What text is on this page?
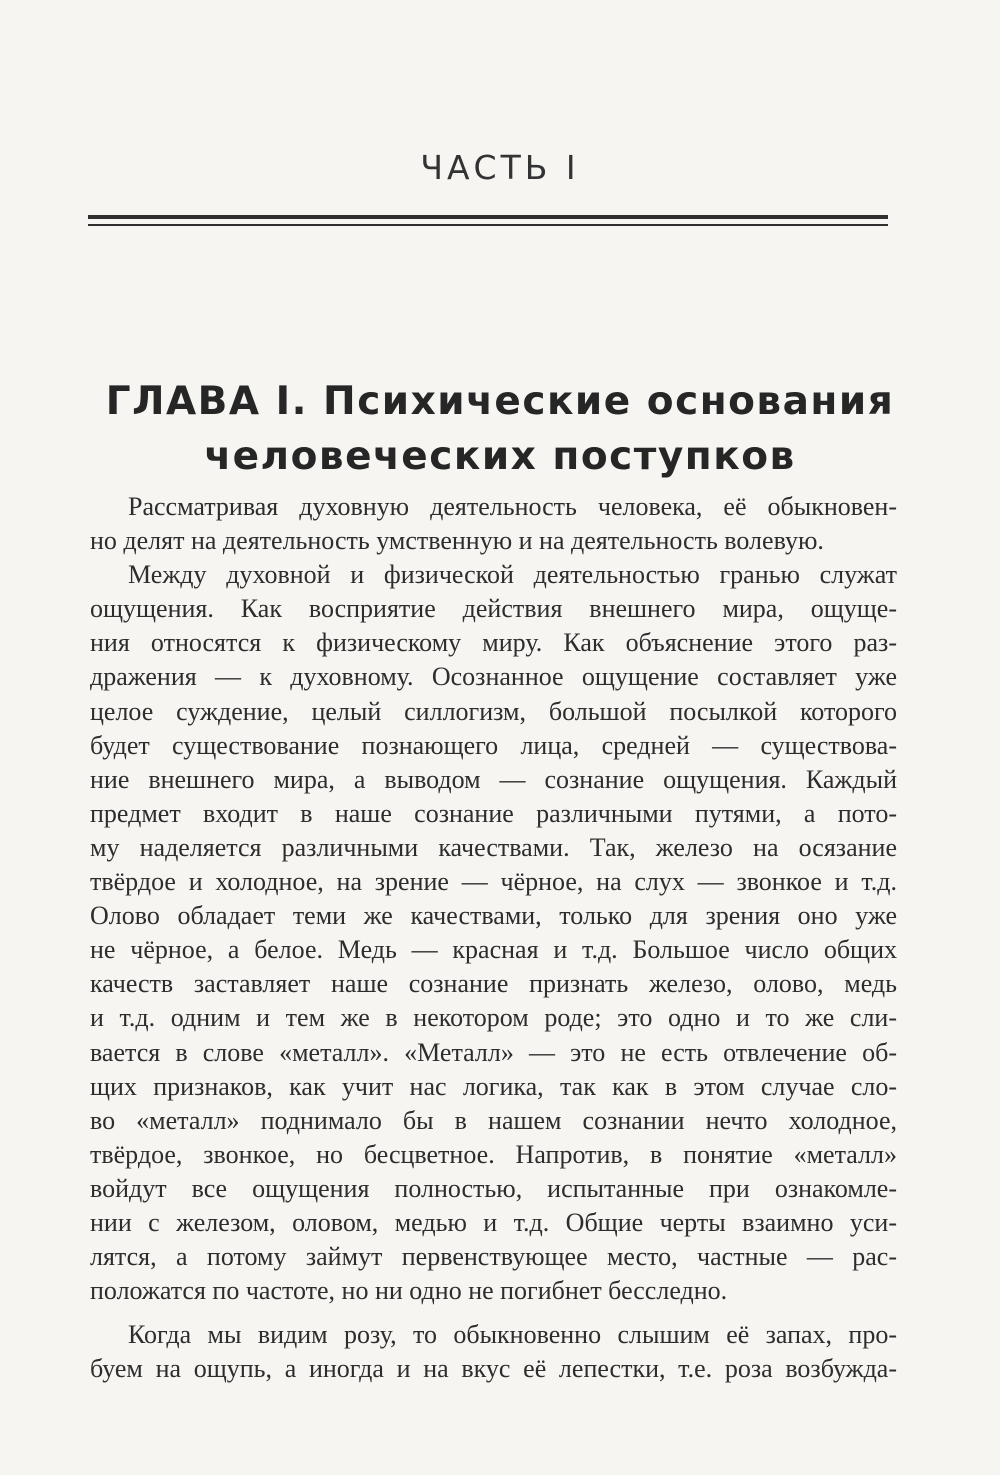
ЧАСТЬ I
ГЛАВА I. Психические основания
человеческих поступков
Рассматривая духовную деятельность человека, её обыкновен-
но делят на деятельность умственную и на деятельность волевую.
Между духовной и физической деятельностью гранью служат
ощущения. Как восприятие действия внешнего мира, ощуще-
ния относятся к физическому миру. Как объяснение этого раз-
дражения — к духовному. Осознанное ощущение составляет уже
целое суждение, целый силлогизм, большой посылкой которого
будет существование познающего лица, средней — существова-
ние внешнего мира, а выводом — сознание ощущения. Каждый
предмет входит в наше сознание различными путями, а пото-
му наделяется различными качествами. Так, железо на осязание
твёрдое и холодное, на зрение — чёрное, на слух — звонкое и т.д.
Олово обладает теми же качествами, только для зрения оно уже
не чёрное, а белое. Медь — красная и т.д. Большое число общих
качеств заставляет наше сознание признать железо, олово, медь
и т.д. одним и тем же в некотором роде; это одно и то же сли-
вается в слове «металл». «Металл» — это не есть отвлечение об-
щих признаков, как учит нас логика, так как в этом случае сло-
во «металл» поднимало бы в нашем сознании нечто холодное,
твёрдое, звонкое, но бесцветное. Напротив, в понятие «металл»
войдут все ощущения полностью, испытанные при ознакомле-
нии с железом, оловом, медью и т.д. Общие черты взаимно уси-
лятся, а потому займут первенствующее место, частные — рас-
положатся по частоте, но ни одно не погибнет бесследно.
Когда мы видим розу, то обыкновенно слышим её запах, про-
буем на ощупь, а иногда и на вкус её лепестки, т.е. роза возбужда-
